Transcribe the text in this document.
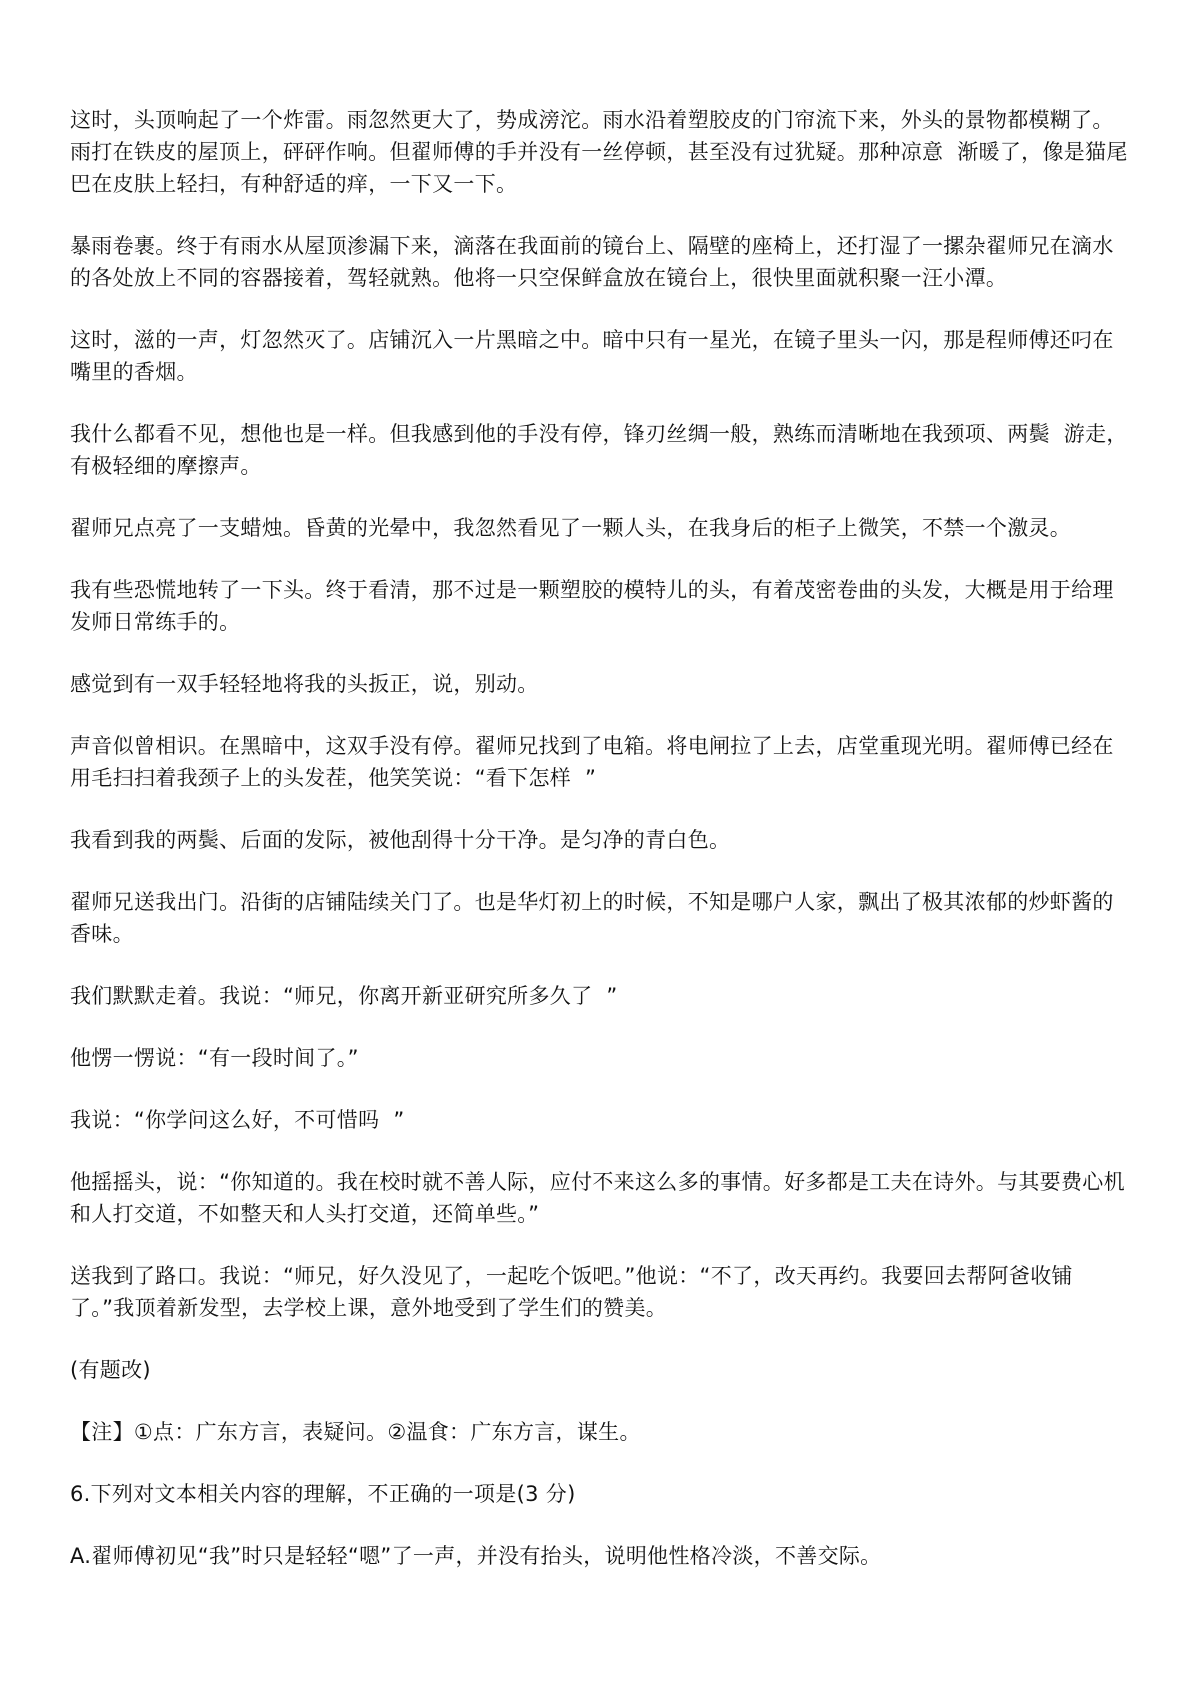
这时，头顶响起了一个炸雷。雨忽然更大了，势成滂沱。雨水沿着塑胶皮的门帘流下来，外头的景物都模糊了。雨打在铁皮的屋顶上，砰砰作响。但翟师傅的手并没有一丝停顿，甚至没有过犹疑。那种凉意  渐暖了，像是猫尾巴在皮肤上轻扫，有种舒适的痒，一下又一下。

暴雨卷裹。终于有雨水从屋顶渗漏下来，滴落在我面前的镜台上、隔壁的座椅上，还打湿了一摞杂翟师兄在滴水的各处放上不同的容器接着，驾轻就熟。他将一只空保鲜盒放在镜台上，很快里面就积聚一汪小潭。

这时，滋的一声，灯忽然灭了。店铺沉入一片黑暗之中。暗中只有一星光，在镜子里头一闪，那是程师傅还叼在嘴里的香烟。

我什么都看不见，想他也是一样。但我感到他的手没有停，锋刃丝绸一般，熟练而清晰地在我颈项、两鬓  游走，有极轻细的摩擦声。

翟师兄点亮了一支蜡烛。昏黄的光晕中，我忽然看见了一颗人头，在我身后的柜子上微笑，不禁一个激灵。

我有些恐慌地转了一下头。终于看清，那不过是一颗塑胶的模特儿的头，有着茂密卷曲的头发，大概是用于给理发师日常练手的。

感觉到有一双手轻轻地将我的头扳正，说，别动。

声音似曾相识。在黑暗中，这双手没有停。翟师兄找到了电箱。将电闸拉了上去，店堂重现光明。翟师傅已经在用毛扫扫着我颈子上的头发茬，他笑笑说：“看下怎样  ”

我看到我的两鬓、后面的发际，被他刮得十分干净。是匀净的青白色。

翟师兄送我出门。沿街的店铺陆续关门了。也是华灯初上的时候，不知是哪户人家，飘出了极其浓郁的炒虾酱的香味。

我们默默走着。我说：“师兄，你离开新亚研究所多久了  ”

他愣一愣说：“有一段时间了。”

我说：“你学问这么好，不可惜吗  ”

他摇摇头，说：“你知道的。我在校时就不善人际，应付不来这么多的事情。好多都是工夫在诗外。与其要费心机和人打交道，不如整天和人头打交道，还简单些。”

送我到了路口。我说：“师兄，好久没见了，一起吃个饭吧。”他说：“不了，改天再约。我要回去帮阿爸收铺了。”我顶着新发型，去学校上课，意外地受到了学生们的赞美。

(有题改)

【注】①点：广东方言，表疑问。②温食：广东方言，谋生。

6.下列对文本相关内容的理解，不正确的一项是(3 分)

A.翟师傅初见“我”时只是轻轻“嗯”了一声，并没有抬头，说明他性格冷淡，不善交际。
